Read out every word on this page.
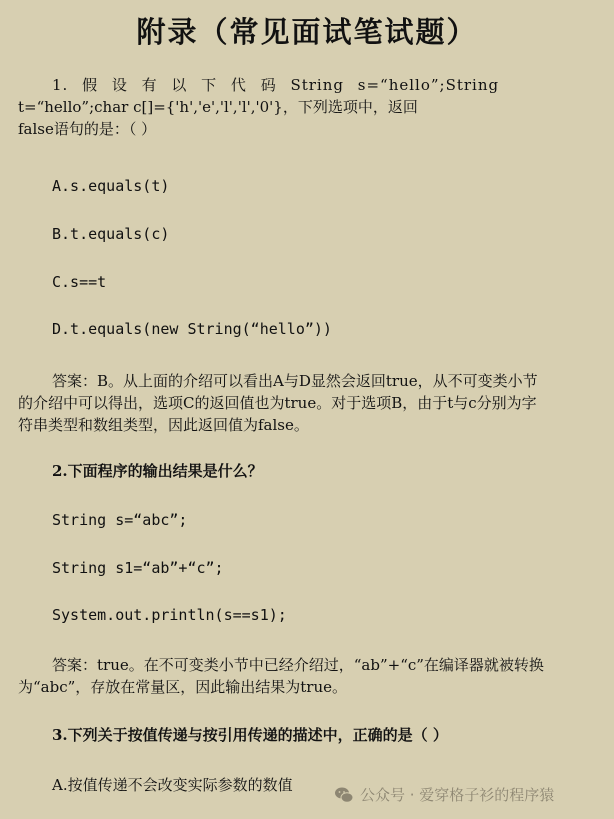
附录（常见面试笔试题）
1. 假 设 有 以 下 代 码 String s=“hello”;String
t=“hello”;char c[]={'h','e','l','l','0'}，下列选项中，返回
false语句的是：（ ）
A.s.equals(t)
B.t.equals(c)
C.s==t
D.t.equals(new String(“hello”))
答案：B。从上面的介绍可以看出A与D显然会返回true，从不可变类小节的介绍中可以得出，选项C的返回值也为true。对于选项B，由于t与c分别为字符串类型和数组类型，因此返回值为false。
2.下面程序的输出结果是什么？
String s=“abc”;
String s1=“ab”+“c”;
System.out.println(s==s1);
答案：true。在不可变类小节中已经介绍过，“ab”+“c”在编译器就被转换为“abc”，存放在常量区，因此输出结果为true。
3.下列关于按值传递与按引用传递的描述中，正确的是（ ）
A.按值传递不会改变实际参数的数值
公众号 · 爱穿格子衫的程序猿
